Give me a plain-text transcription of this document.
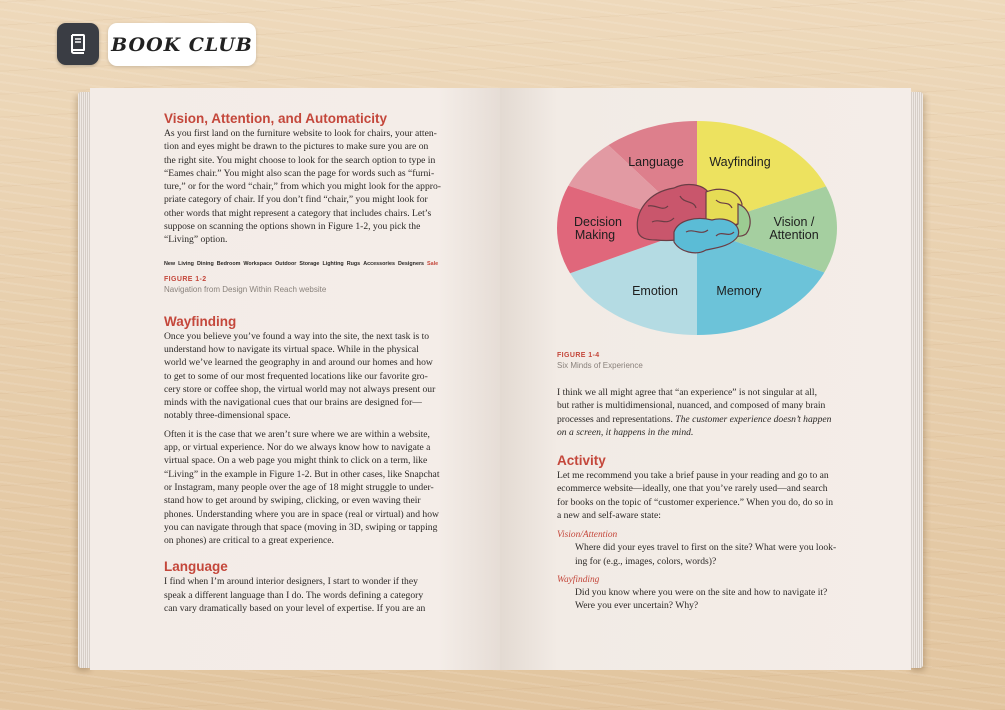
BOOK CLUB
Vision, Attention, and Automaticity
As you first land on the furniture website to look for chairs, your atten-
tion and eyes might be drawn to the pictures to make sure you are on
the right site. You might choose to look for the search option to type in
“Eames chair.” You might also scan the page for words such as “furni-
ture,” or for the word “chair,” from which you might look for the appro-
priate category of chair. If you don’t find “chair,” you might look for
other words that might represent a category that includes chairs. Let’s
suppose on scanning the options shown in Figure 1-2, you pick the
“Living” option.
New Living Dining Bedroom Workspace Outdoor Storage Lighting Rugs Accessories Designers Sale

FIGURE 1-2

Navigation from Design Within Reach website

Wayfinding
Once you believe you’ve found a way into the site, the next task is to
understand how to navigate its virtual space. While in the physical
world we’ve learned the geography in and around our homes and how
to get to some of our most frequented locations like our favorite gro-
cery store or coffee shop, the virtual world may not always present our
minds with the navigational cues that our brains are designed for—
notably three-dimensional space.
Often it is the case that we aren’t sure where we are within a website,
app, or virtual experience. Nor do we always know how to navigate a
virtual space. On a web page you might think to click on a term, like
“Living” in the example in Figure 1-2. But in other cases, like Snapchat
or Instagram, many people over the age of 18 might struggle to under-
stand how to get around by swiping, clicking, or even waving their
phones. Understanding where you are in space (real or virtual) and how
you can navigate through that space (moving in 3D, swiping or tapping
on phones) are critical to a great experience.
Language
I find when I’m around interior designers, I start to wonder if they
speak a different language than I do. The words defining a category
can vary dramatically based on your level of expertise. If you are an
Language Wayfinding
Vision /
Attention
Memory
Emotion
Decision
Making

FIGURE 1-4

Six Minds of Experience

I think we all might agree that “an experience” is not singular at all,
but rather is multidimensional, nuanced, and composed of many brain
processes and representations. The customer experience doesn’t happen
on a screen, it happens in the mind.
Activity
Let me recommend you take a brief pause in your reading and go to an
ecommerce website—ideally, one that you’ve rarely used—and search
for books on the topic of “customer experience.” When you do, do so in
a new and self-aware state:

Vision/Attention

Where did your eyes travel to first on the site? What were you look-
ing for (e.g., images, colors, words)?

Wayfinding

Did you know where you were on the site and how to navigate it?
Were you ever uncertain? Why?
